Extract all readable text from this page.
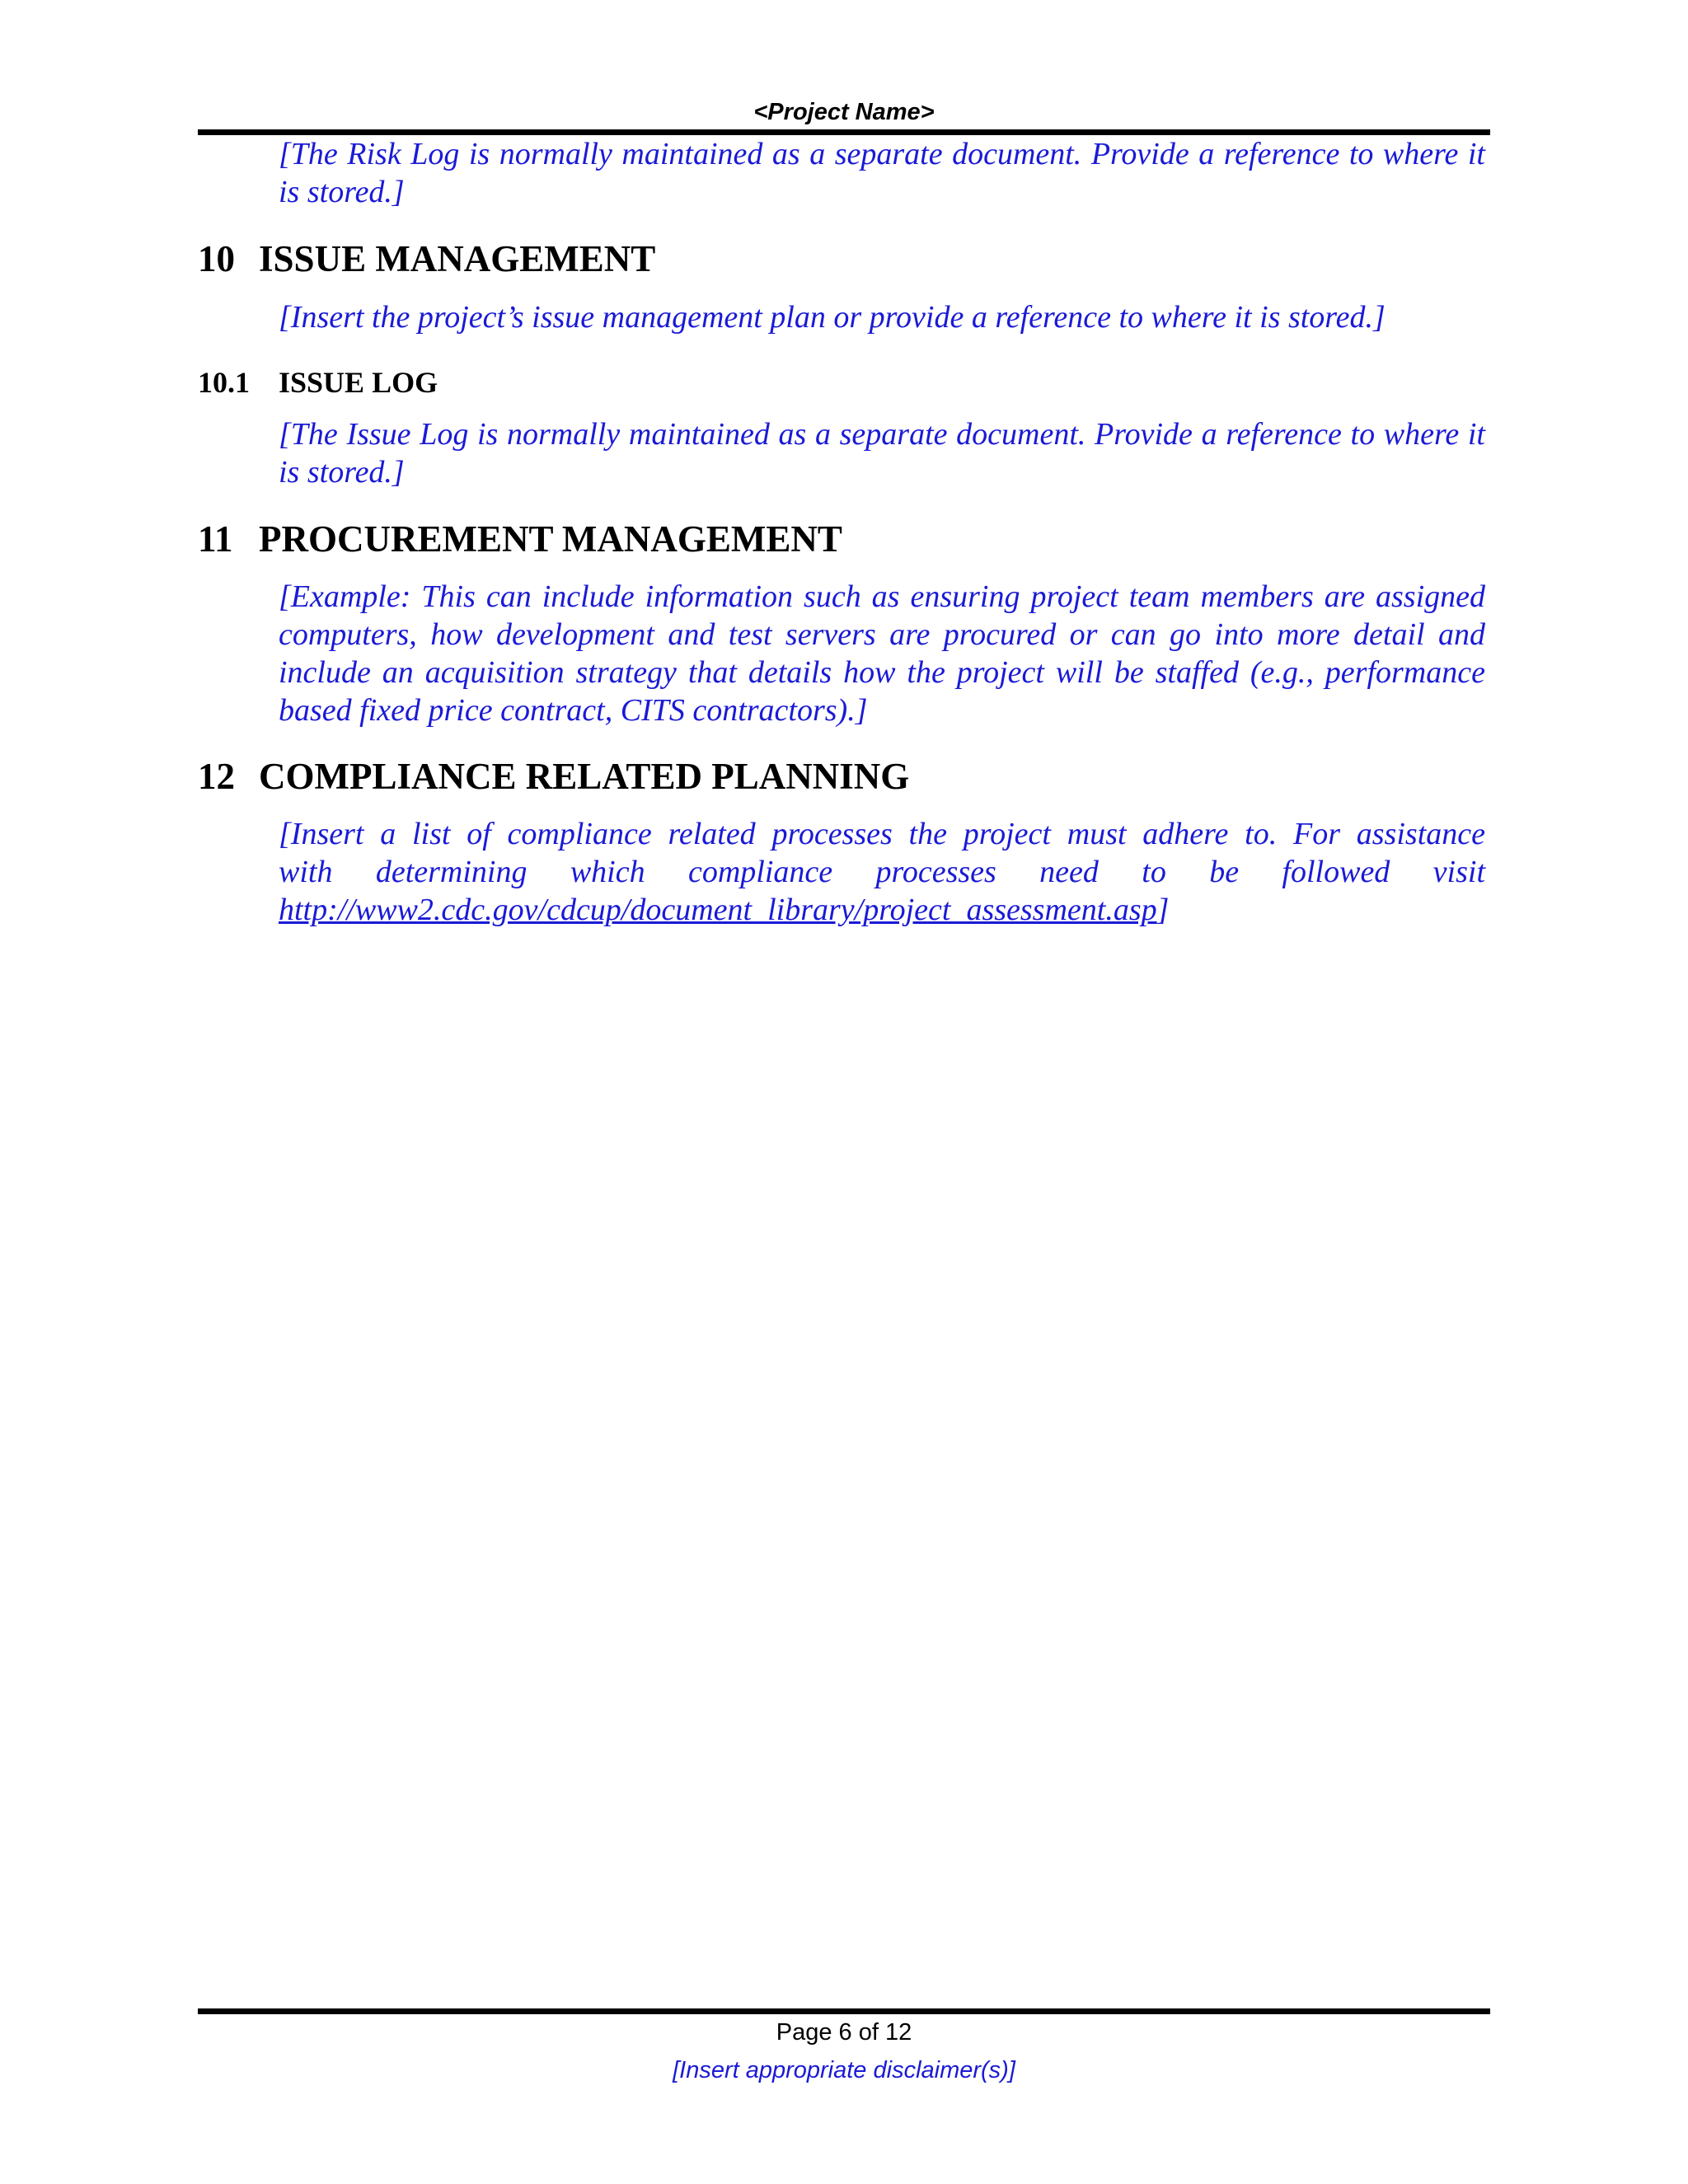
<Project Name>

[The Risk Log is normally maintained as a separate document. Provide a reference to where it is stored.]

10 ISSUE MANAGEMENT

[Insert the project’s issue management plan or provide a reference to where it is stored.]

10.1 ISSUE LOG

[The Issue Log is normally maintained as a separate document. Provide a reference to where it is stored.]

11 PROCUREMENT MANAGEMENT

[Example: This can include information such as ensuring project team members are assigned computers, how development and test servers are procured or can go into more detail and include an acquisition strategy that details how the project will be staffed (e.g., performance based fixed price contract, CITS contractors).]

12 COMPLIANCE RELATED PLANNING

[Insert a list of compliance related processes the project must adhere to. For assistance

with determining which compliance processes need to be followed visit

http://www2.cdc.gov/cdcup/document_library/project_assessment.asp]

Page 6 of 12
[Insert appropriate disclaimer(s)]
